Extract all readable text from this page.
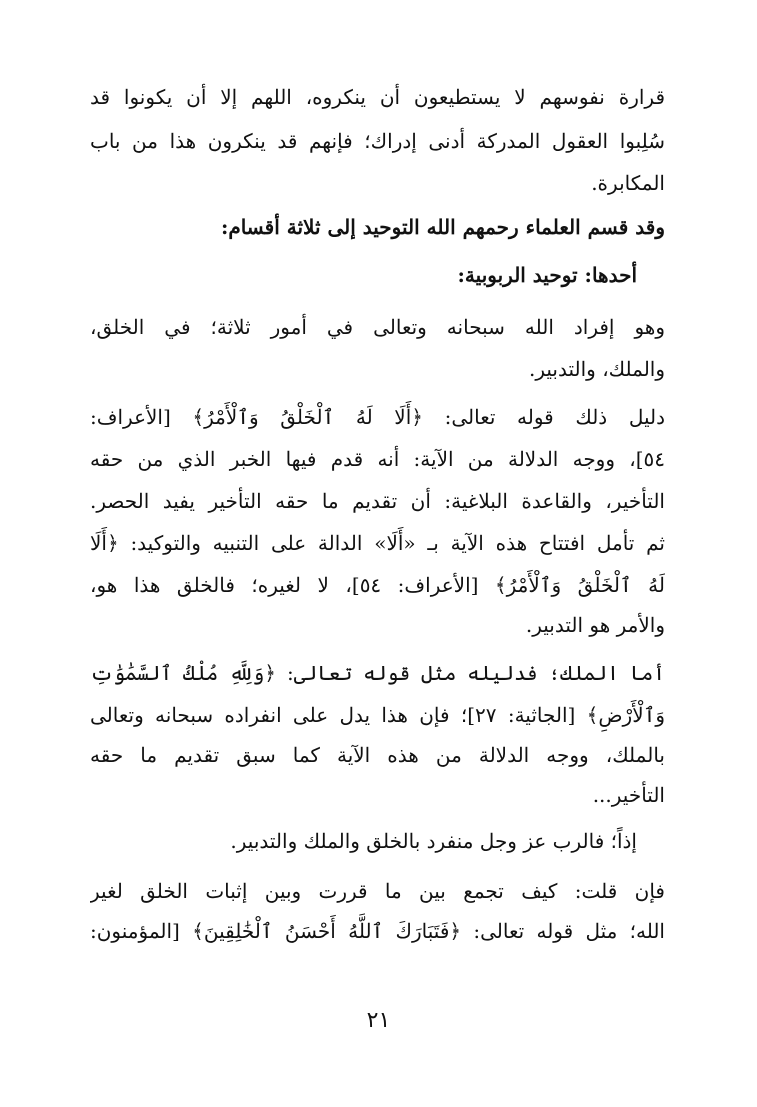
قرارة نفوسهم لا يستطيعون أن ينكروه، اللهم إلا أن يكونوا قد
سُلِبوا العقول المدركة أدنى إدراك؛ فإنهم قد ينكرون هذا من باب
المكابرة.
وقد قسم العلماء رحمهم الله التوحيد إلى ثلاثة أقسام:
أحدها: توحيد الربوبية:
وهو إفراد الله سبحانه وتعالى في أمور ثلاثة؛ في الخلق،
والملك، والتدبير.
دليل ذلك قوله تعالى: ﴿أَلَا لَهُ ٱلْخَلْقُ وَٱلْأَمْرُ﴾ [الأعراف:
٥٤]، ووجه الدلالة من الآية: أنه قدم فيها الخبر الذي من حقه
التأخير، والقاعدة البلاغية: أن تقديم ما حقه التأخير يفيد الحصر.
ثم تأمل افتتاح هذه الآية بـ «أَلَا» الدالة على التنبيه والتوكيد: ﴿أَلَا
لَهُ ٱلْخَلْقُ وَٱلْأَمْرُ﴾ [الأعراف: ٥٤]، لا لغيره؛ فالخلق هذا هو،
والأمر هو التدبير.
أما الملك؛ فدليله مثل قوله تعالى: ﴿وَلِلَّهِ مُلْكُ ٱلسَّمَٰوَٰتِ
وَٱلْأَرْضِ﴾ [الجاثية: ٢٧]؛ فإن هذا يدل على انفراده سبحانه وتعالى
بالملك، ووجه الدلالة من هذه الآية كما سبق تقديم ما حقه
التأخير...
إذاً؛ فالرب عز وجل منفرد بالخلق والملك والتدبير.
فإن قلت: كيف تجمع بين ما قررت وبين إثبات الخلق لغير
الله؛ مثل قوله تعالى: ﴿فَتَبَارَكَ ٱللَّهُ أَحْسَنُ ٱلْخَٰلِقِينَ﴾ [المؤمنون:
٢١
